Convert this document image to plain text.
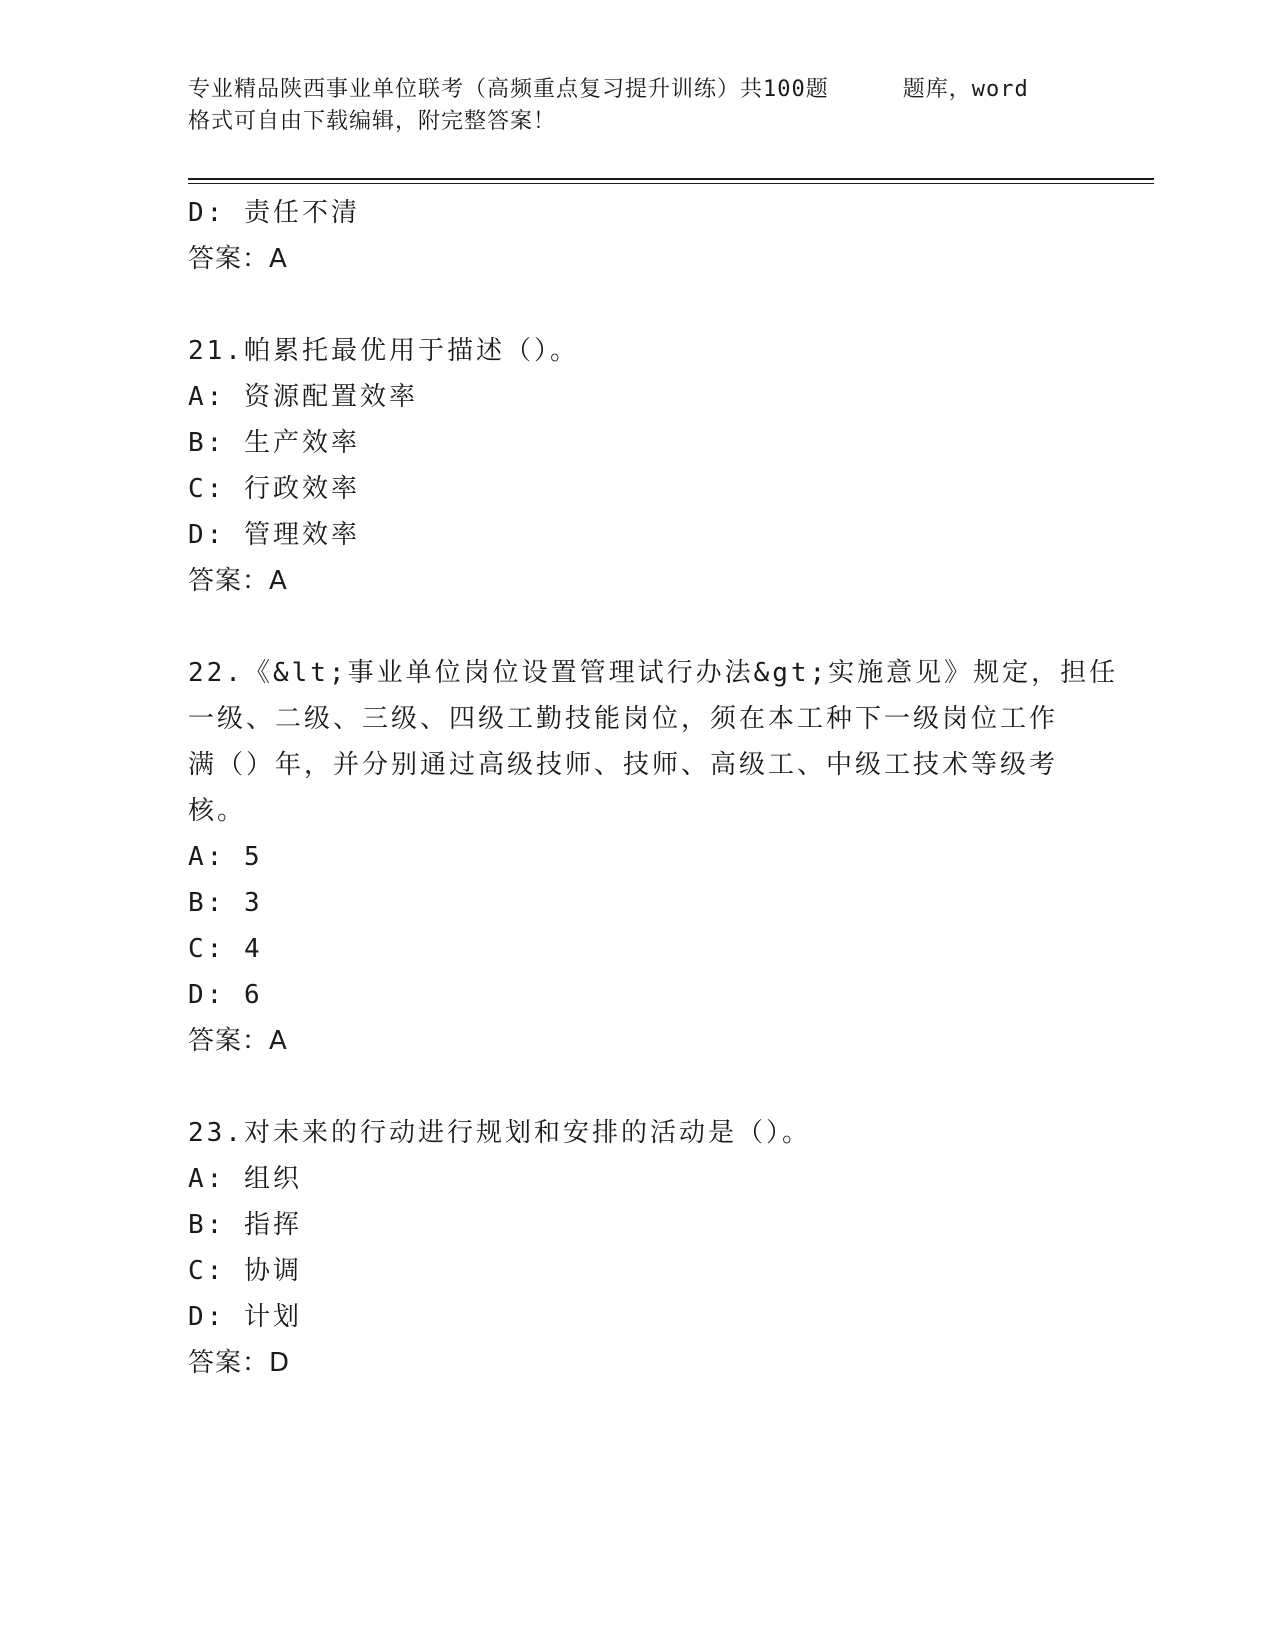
专业精品陕西事业单位联考（高频重点复习提升训练）共100题	题库，word
格式可自由下载编辑，附完整答案！
D: 责任不清
答案：A
21.帕累托最优用于描述（）。
A: 资源配置效率
B: 生产效率
C: 行政效率
D: 管理效率
答案：A
22.《&lt;事业单位岗位设置管理试行办法&gt;实施意见》规定，担任
一级、二级、三级、四级工勤技能岗位，须在本工种下一级岗位工作
满（）年，并分别通过高级技师、技师、高级工、中级工技术等级考
核。
A: 5
B: 3
C: 4
D: 6
答案：A
23.对未来的行动进行规划和安排的活动是（）。
A: 组织
B: 指挥
C: 协调
D: 计划
答案：D
